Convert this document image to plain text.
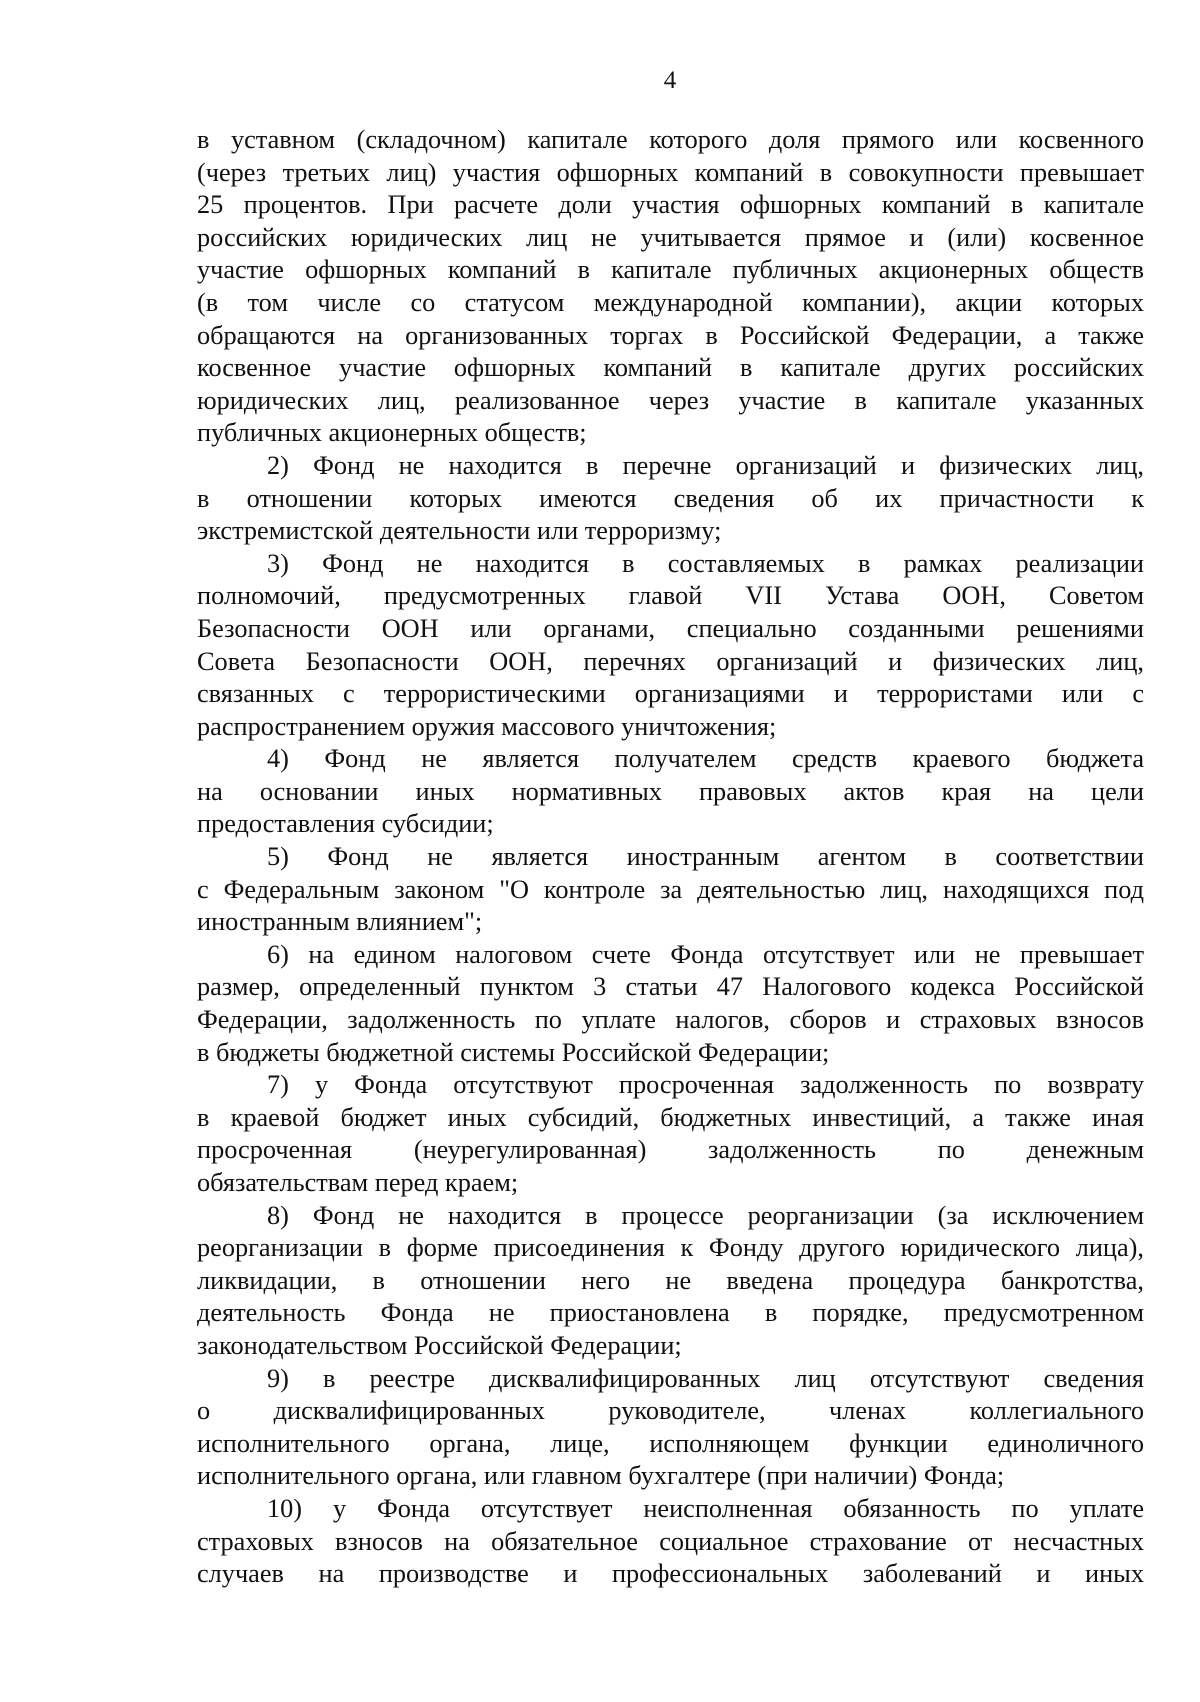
4
в уставном (складочном) капитале которого доля прямого или косвенного
(через третьих лиц) участия офшорных компаний в совокупности превышает
25 процентов. При расчете доли участия офшорных компаний в капитале
российских юридических лиц не учитывается прямое и (или) косвенное
участие офшорных компаний в капитале публичных акционерных обществ
(в том числе со статусом международной компании), акции которых
обращаются на организованных торгах в Российской Федерации, а также
косвенное участие офшорных компаний в капитале других российских
юридических лиц, реализованное через участие в капитале указанных
публичных акционерных обществ;
2) Фонд не находится в перечне организаций и физических лиц,
в отношении которых имеются сведения об их причастности к
экстремистской деятельности или терроризму;
3) Фонд не находится в составляемых в рамках реализации
полномочий, предусмотренных главой VII Устава ООН, Советом
Безопасности ООН или органами, специально созданными решениями
Совета Безопасности ООН, перечнях организаций и физических лиц,
связанных с террористическими организациями и террористами или с
распространением оружия массового уничтожения;
4) Фонд не является получателем средств краевого бюджета
на основании иных нормативных правовых актов края на цели
предоставления субсидии;
5) Фонд не является иностранным агентом в соответствии
с Федеральным законом "О контроле за деятельностью лиц, находящихся под
иностранным влиянием";
6) на едином налоговом счете Фонда отсутствует или не превышает
размер, определенный пунктом 3 статьи 47 Налогового кодекса Российской
Федерации, задолженность по уплате налогов, сборов и страховых взносов
в бюджеты бюджетной системы Российской Федерации;
7) у Фонда отсутствуют просроченная задолженность по возврату
в краевой бюджет иных субсидий, бюджетных инвестиций, а также иная
просроченная (неурегулированная) задолженность по денежным
обязательствам перед краем;
8) Фонд не находится в процессе реорганизации (за исключением
реорганизации в форме присоединения к Фонду другого юридического лица),
ликвидации, в отношении него не введена процедура банкротства,
деятельность Фонда не приостановлена в порядке, предусмотренном
законодательством Российской Федерации;
9) в реестре дисквалифицированных лиц отсутствуют сведения
о дисквалифицированных руководителе, членах коллегиального
исполнительного органа, лице, исполняющем функции единоличного
исполнительного органа, или главном бухгалтере (при наличии) Фонда;
10) у Фонда отсутствует неисполненная обязанность по уплате
страховых взносов на обязательное социальное страхование от несчастных
случаев на производстве и профессиональных заболеваний и иных
